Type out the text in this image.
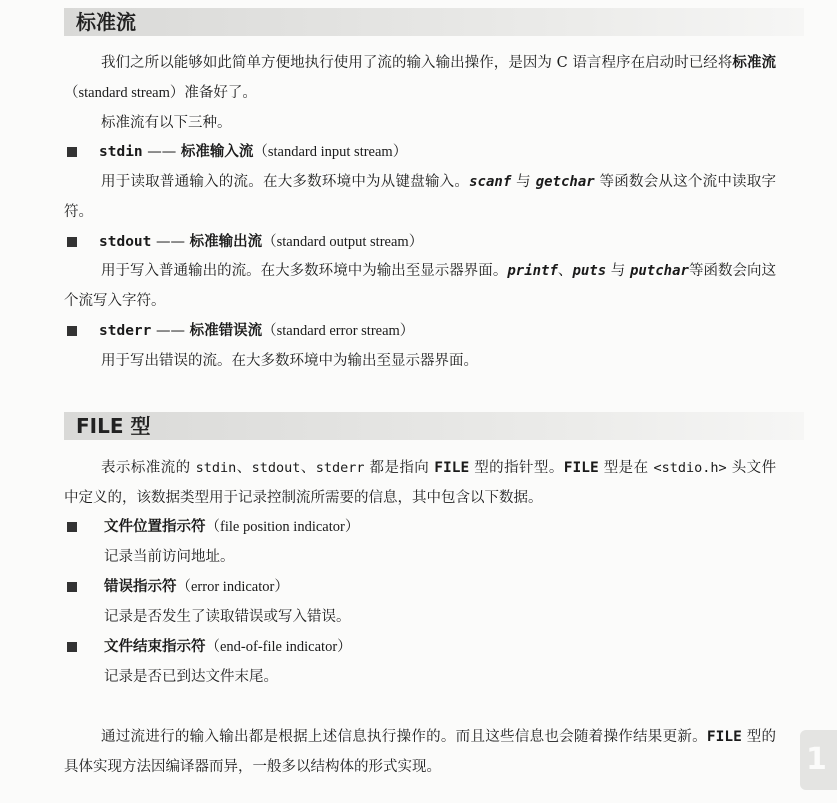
标准流

我们之所以能够如此简单方便地执行使用了流的输入输出操作，是因为 C 语言程序在启动时已经将标准流（standard stream）准备好了。

标准流有以下三种。
stdin —— 标准输入流（standard input stream）

用于读取普通输入的流。在大多数环境中为从键盘输入。scanf 与 getchar 等函数会从这个流中读取字符。

stdout —— 标准输出流（standard output stream）

用于写入普通输出的流。在大多数环境中为输出至显示器界面。printf、puts 与 putchar等函数会向这个流写入字符。

stderr —— 标准错误流（standard error stream）
用于写出错误的流。在大多数环境中为输出至显示器界面。
FILE 型

表示标准流的 stdin、stdout、stderr 都是指向 FILE 型的指针型。FILE 型是在 <stdio.h> 头文件中定义的，该数据类型用于记录控制流所需要的信息，其中包含以下数据。

文件位置指示符（file position indicator）
记录当前访问地址。
错误指示符（error indicator）
记录是否发生了读取错误或写入错误。
文件结束指示符（end-of-file indicator）
记录是否已到达文件末尾。

通过流进行的输入输出都是根据上述信息执行操作的。而且这些信息也会随着操作结果更新。FILE 型的具体实现方法因编译器而异，一般多以结构体的形式实现。	1
